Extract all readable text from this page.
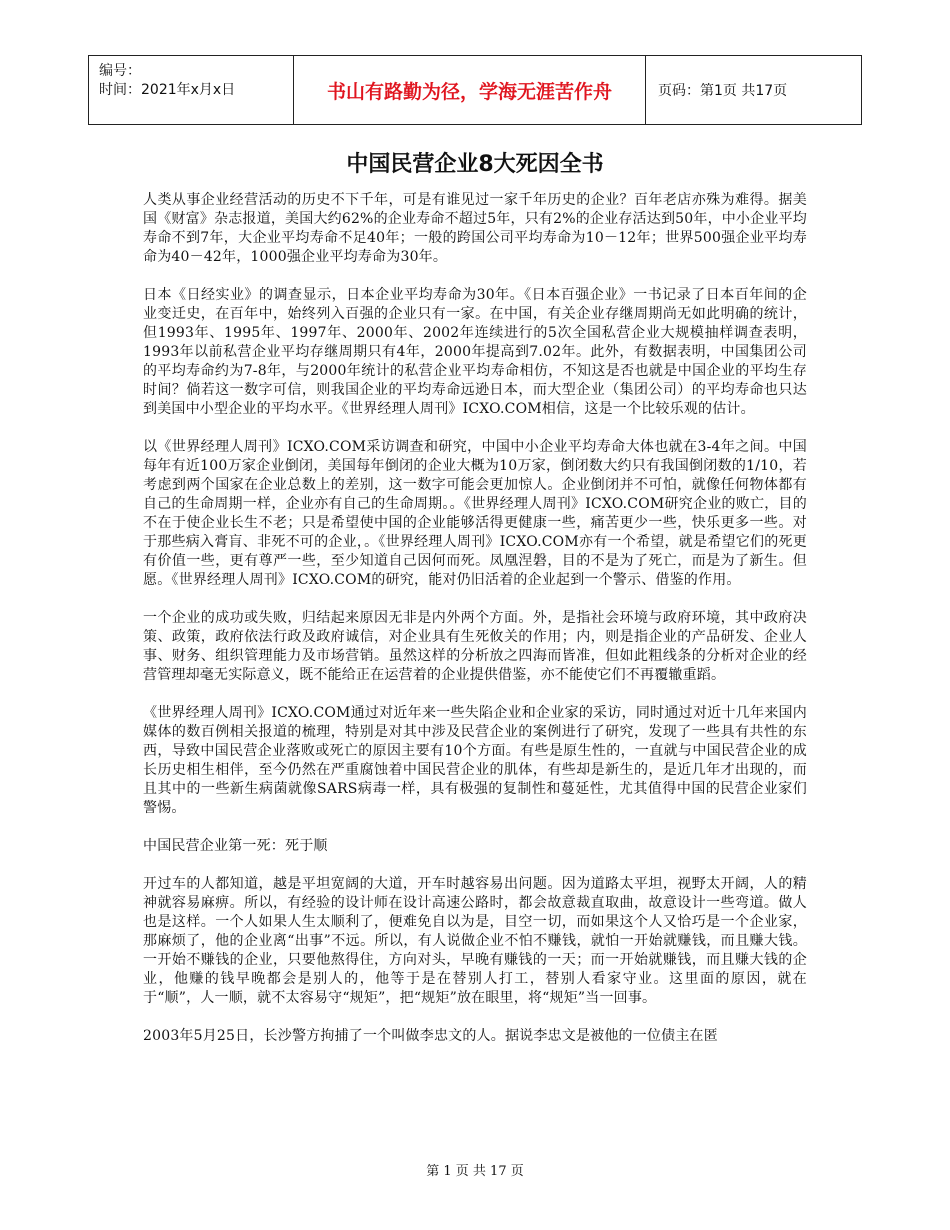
编号：
时间：2021年x月x日	书山有路勤为径，学海无涯苦作舟	页码：第1页 共17页
中国民营企业8大死因全书

人类从事企业经营活动的历史不下千年，可是有谁见过一家千年历史的企业？百年老店亦殊为难得。据美国《财富》杂志报道，美国大约62%的企业寿命不超过5年，只有2%的企业存活达到50年，中小企业平均寿命不到7年，大企业平均寿命不足40年；一般的跨国公司平均寿命为10－12年；世界500强企业平均寿命为40－42年，1000强企业平均寿命为30年。

日本《日经实业》的调查显示，日本企业平均寿命为30年。《日本百强企业》一书记录了日本百年间的企业变迁史，在百年中，始终列入百强的企业只有一家。在中国，有关企业存继周期尚无如此明确的统计，但1993年、1995年、1997年、2000年、2002年连续进行的5次全国私营企业大规模抽样调查表明，1993年以前私营企业平均存继周期只有4年，2000年提高到7.02年。此外，有数据表明，中国集团公司的平均寿命约为7-8年，与2000年统计的私营企业平均寿命相仿，不知这是否也就是中国企业的平均生存时间？倘若这一数字可信，则我国企业的平均寿命远逊日本，而大型企业（集团公司）的平均寿命也只达到美国中小型企业的平均水平。《世界经理人周刊》ICXO.COM相信，这是一个比较乐观的估计。

以《世界经理人周刊》ICXO.COM采访调查和研究，中国中小企业平均寿命大体也就在3-4年之间。中国每年有近100万家企业倒闭，美国每年倒闭的企业大概为10万家，倒闭数大约只有我国倒闭数的1/10，若考虑到两个国家在企业总数上的差别，这一数字可能会更加惊人。企业倒闭并不可怕，就像任何物体都有自己的生命周期一样，企业亦有自己的生命周期。。《世界经理人周刊》ICXO.COM研究企业的败亡，目的不在于使企业长生不老；只是希望使中国的企业能够活得更健康一些，痛苦更少一些，快乐更多一些。对于那些病入膏肓、非死不可的企业，。《世界经理人周刊》ICXO.COM亦有一个希望，就是希望它们的死更有价值一些，更有尊严一些，至少知道自己因何而死。凤凰涅磐，目的不是为了死亡，而是为了新生。但愿。《世界经理人周刊》ICXO.COM的研究，能对仍旧活着的企业起到一个警示、借鉴的作用。

一个企业的成功或失败，归结起来原因无非是内外两个方面。外，是指社会环境与政府环境，其中政府决策、政策，政府依法行政及政府诚信，对企业具有生死攸关的作用；内，则是指企业的产品研发、企业人事、财务、组织管理能力及市场营销。虽然这样的分析放之四海而皆准，但如此粗线条的分析对企业的经营管理却毫无实际意义，既不能给正在运营着的企业提供借鉴，亦不能使它们不再覆辙重蹈。

《世界经理人周刊》ICXO.COM通过对近年来一些失陷企业和企业家的采访，同时通过对近十几年来国内媒体的数百例相关报道的梳理，特别是对其中涉及民营企业的案例进行了研究，发现了一些具有共性的东西，导致中国民营企业落败或死亡的原因主要有10个方面。有些是原生性的，一直就与中国民营企业的成长历史相生相伴，至今仍然在严重腐蚀着中国民营企业的肌体，有些却是新生的，是近几年才出现的，而且其中的一些新生病菌就像SARS病毒一样，具有极强的复制性和蔓延性，尤其值得中国的民营企业家们警惕。

中国民营企业第一死：死于顺

开过车的人都知道，越是平坦宽阔的大道，开车时越容易出问题。因为道路太平坦，视野太开阔，人的精神就容易麻痹。所以，有经验的设计师在设计高速公路时，都会故意裁直取曲，故意设计一些弯道。做人也是这样。一个人如果人生太顺利了，便难免自以为是，目空一切，而如果这个人又恰巧是一个企业家，那麻烦了，他的企业离“出事”不远。所以，有人说做企业不怕不赚钱，就怕一开始就赚钱，而且赚大钱。一开始不赚钱的企业，只要他熬得住，方向对头，早晚有赚钱的一天；而一开始就赚钱，而且赚大钱的企业，他赚的钱早晚都会是别人的，他等于是在替别人打工，替别人看家守业。这里面的原因，就在于“顺”，人一顺，就不太容易守“规矩”，把“规矩”放在眼里，将“规矩”当一回事。

2003年5月25日，长沙警方拘捕了一个叫做李忠文的人。据说李忠文是被他的一位债主在匿

第 1 页 共 17 页
